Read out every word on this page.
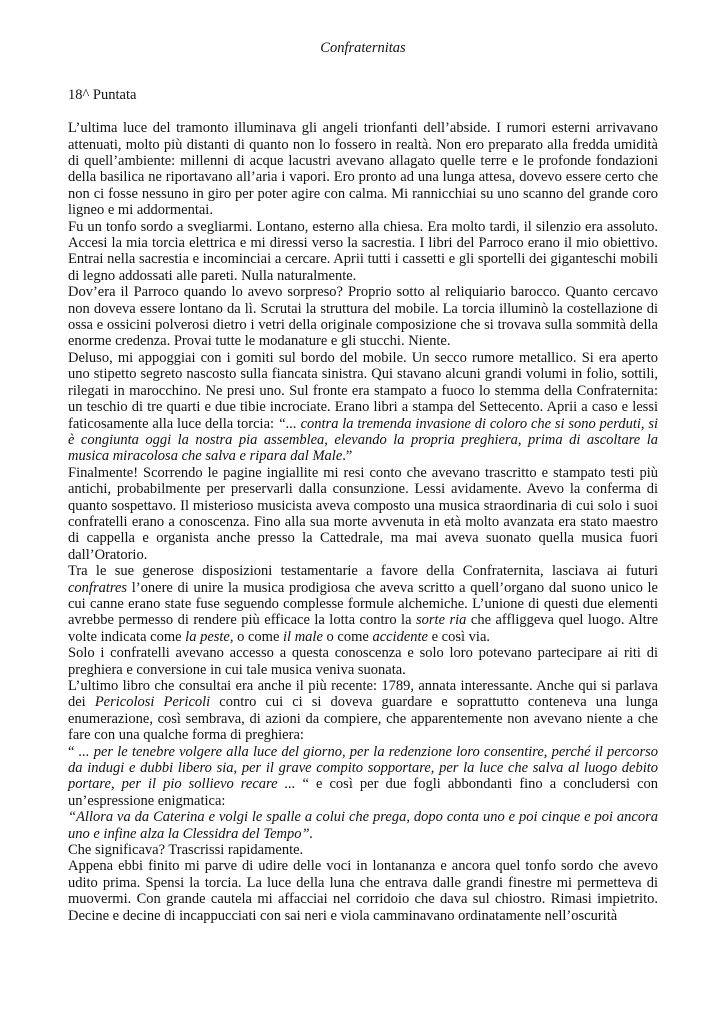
Confraternitas
18^ Puntata

L’ultima luce del tramonto illuminava gli angeli trionfanti dell’abside. I rumori esterni arrivavano attenuati, molto più distanti di quanto non lo fossero in realtà. Non ero preparato alla fredda umidità di quell’ambiente: millenni di acque lacustri avevano allagato quelle terre e le profonde fondazioni della basilica ne riportavano all’aria i vapori. Ero pronto ad una lunga attesa, dovevo essere certo che non ci fosse nessuno in giro per poter agire con calma. Mi rannicchiai su uno scanno del grande coro ligneo e mi addormentai.

Fu un tonfo sordo a svegliarmi. Lontano, esterno alla chiesa. Era molto tardi, il silenzio era assoluto. Accesi la mia torcia elettrica e mi diressi verso la sacrestia. I libri del Parroco erano il mio obiettivo. Entrai nella sacrestia e incominciai a cercare. Aprii tutti i cassetti e gli sportelli dei giganteschi mobili di legno addossati alle pareti. Nulla naturalmente.

Dov’era il Parroco quando lo avevo sorpreso? Proprio sotto al reliquiario barocco. Quanto cercavo non doveva essere lontano da lì. Scrutai la struttura del mobile. La torcia illuminò la costellazione di ossa e ossicini polverosi dietro i vetri della originale composizione che si trovava sulla sommità della enorme credenza. Provai tutte le modanature e gli stucchi. Niente.

Deluso, mi appoggiai con i gomiti sul bordo del mobile. Un secco rumore metallico. Si era aperto uno stipetto segreto nascosto sulla fiancata sinistra. Qui stavano alcuni grandi volumi in folio, sottili, rilegati in marocchino. Ne presi uno. Sul fronte era stampato a fuoco lo stemma della Confraternita: un teschio di tre quarti e due tibie incrociate. Erano libri a stampa del Settecento. Aprii a caso e lessi faticosamente alla luce della torcia: “... contra la tremenda invasione di coloro che si sono perduti, si è congiunta oggi la nostra pia assemblea, elevando la propria preghiera, prima di ascoltare la musica miracolosa che salva e ripara dal Male.”

Finalmente! Scorrendo le pagine ingiallite mi resi conto che avevano trascritto e stampato testi più antichi, probabilmente per preservarli dalla consunzione. Lessi avidamente. Avevo la conferma di quanto sospettavo. Il misterioso musicista aveva composto una musica straordinaria di cui solo i suoi confratelli erano a conoscenza. Fino alla sua morte avvenuta in età molto avanzata era stato maestro di cappella e organista anche presso la Cattedrale, ma mai aveva suonato quella musica fuori dall’Oratorio.

Tra le sue generose disposizioni testamentarie a favore della Confraternita, lasciava ai futuri confratres l’onere di unire la musica prodigiosa che aveva scritto a quell’organo dal suono unico le cui canne erano state fuse seguendo complesse formule alchemiche. L’unione di questi due elementi avrebbe permesso di rendere più efficace la lotta contro la sorte ria che affliggeva quel luogo. Altre volte indicata come la peste, o come il male o come accidente e così via.

Solo i confratelli avevano accesso a questa conoscenza e solo loro potevano partecipare ai riti di preghiera e conversione in cui tale musica veniva suonata.

L’ultimo libro che consultai era anche il più recente: 1789, annata interessante. Anche qui si parlava dei Pericolosi Pericoli contro cui ci si doveva guardare e soprattutto conteneva una lunga enumerazione, così sembrava, di azioni da compiere, che apparentemente non avevano niente a che fare con una qualche forma di preghiera:

“ ... per le tenebre volgere alla luce del giorno, per la redenzione loro consentire, perché il percorso da indugi e dubbi libero sia, per il grave compito sopportare, per la luce che salva al luogo debito portare, per il pio sollievo recare ... “ e così per due fogli abbondanti fino a concludersi con un’espressione enigmatica:

“Allora va da Caterina e volgi le spalle a colui che prega, dopo conta uno e poi cinque e poi ancora uno e infine alza la Clessidra del Tempo”.

Che significava? Trascrissi rapidamente.

Appena ebbi finito mi parve di udire delle voci in lontananza e ancora quel tonfo sordo che avevo udito prima. Spensi la torcia. La luce della luna che entrava dalle grandi finestre mi permetteva di muovermi. Con grande cautela mi affacciai nel corridoio che dava sul chiostro. Rimasi impietrito. Decine e decine di incappucciati con sai neri e viola camminavano ordinatamente nell’oscurità
